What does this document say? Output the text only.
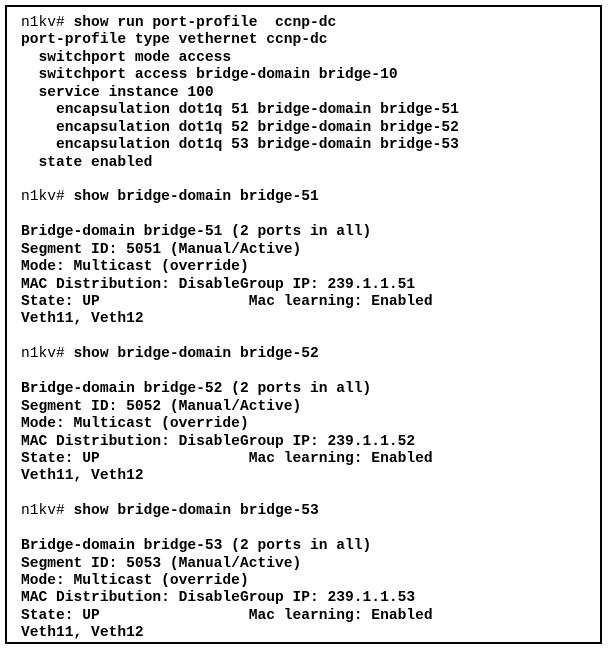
n1kv# show run port-profile  ccnp-dc
port-profile type vethernet ccnp-dc
switchport mode access
switchport access bridge-domain bridge-10
service instance 100
encapsulation dot1q 51 bridge-domain bridge-51
encapsulation dot1q 52 bridge-domain bridge-52
encapsulation dot1q 53 bridge-domain bridge-53
state enabled
n1kv# show bridge-domain bridge-51
Bridge-domain bridge-51 (2 ports in all)
Segment ID: 5051 (Manual/Active)
Mode: Multicast (override)
MAC Distribution: DisableGroup IP: 239.1.1.51
State: UP                 Mac learning: Enabled
Veth11, Veth12
n1kv# show bridge-domain bridge-52
Bridge-domain bridge-52 (2 ports in all)
Segment ID: 5052 (Manual/Active)
Mode: Multicast (override)
MAC Distribution: DisableGroup IP: 239.1.1.52
State: UP                 Mac learning: Enabled
Veth11, Veth12
n1kv# show bridge-domain bridge-53
Bridge-domain bridge-53 (2 ports in all)
Segment ID: 5053 (Manual/Active)
Mode: Multicast (override)
MAC Distribution: DisableGroup IP: 239.1.1.53
State: UP                 Mac learning: Enabled
Veth11, Veth12
